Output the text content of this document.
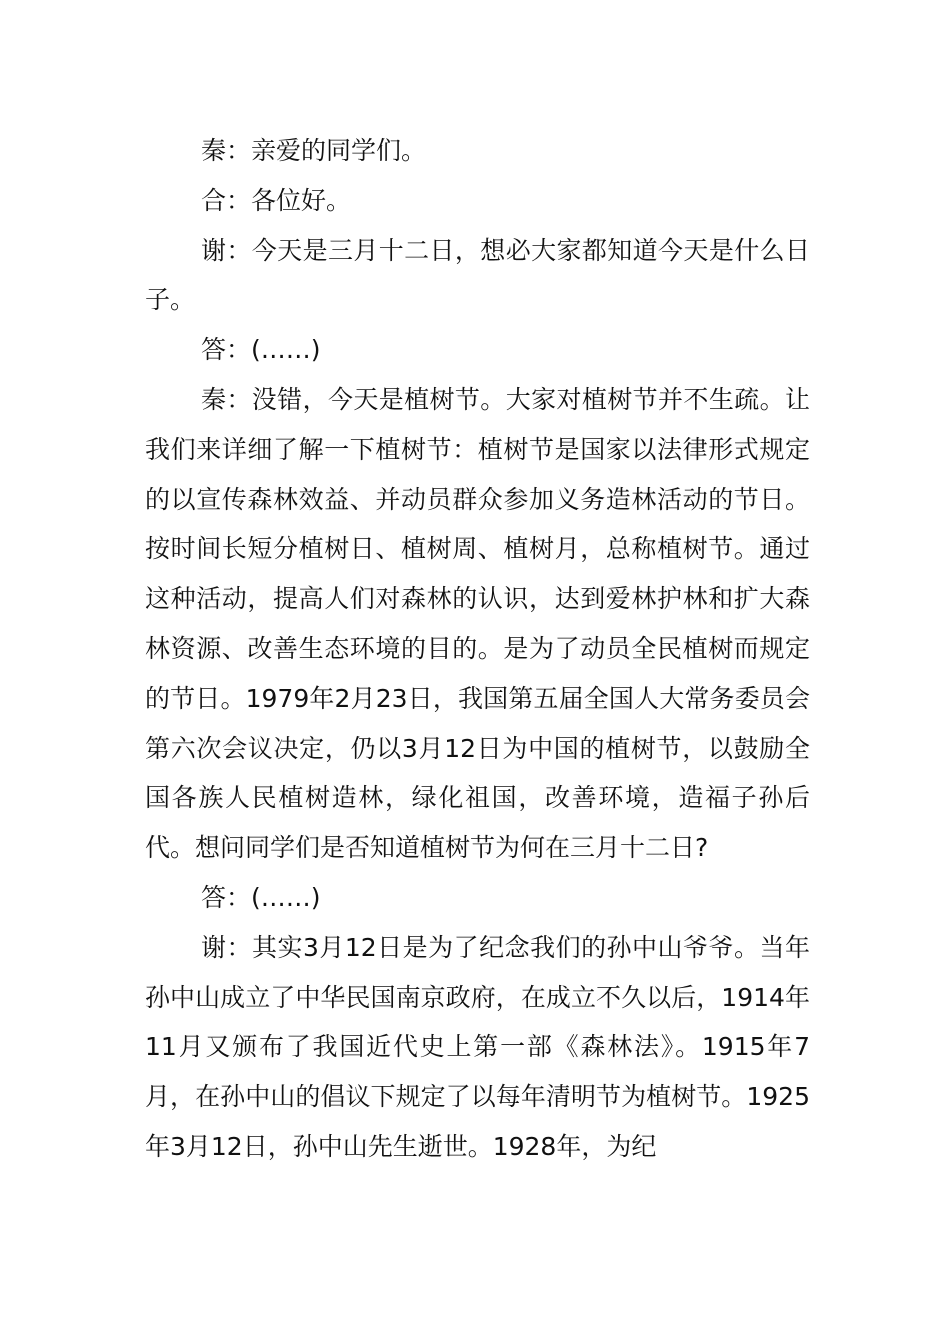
秦：亲爱的同学们。

合：各位好。

谢：今天是三月十二日，想必大家都知道今天是什么日子。

答：(……)

秦：没错，今天是植树节。大家对植树节并不生疏。让我们来详细了解一下植树节：植树节是国家以法律形式规定的以宣传森林效益、并动员群众参加义务造林活动的节日。按时间长短分植树日、植树周、植树月，总称植树节。通过这种活动，提高人们对森林的认识，达到爱林护林和扩大森林资源、改善生态环境的目的。是为了动员全民植树而规定的节日。1979年2月23日，我国第五届全国人大常务委员会第六次会议决定，仍以3月12日为中国的植树节，以鼓励全国各族人民植树造林，绿化祖国，改善环境，造福子孙后代。想问同学们是否知道植树节为何在三月十二日?

答：(……)

谢：其实3月12日是为了纪念我们的孙中山爷爷。当年孙中山成立了中华民国南京政府，在成立不久以后，1914年11月又颁布了我国近代史上第一部《森林法》。1915年7月，在孙中山的倡议下规定了以每年清明节为植树节。1925年3月12日，孙中山先生逝世。1928年，为纪
